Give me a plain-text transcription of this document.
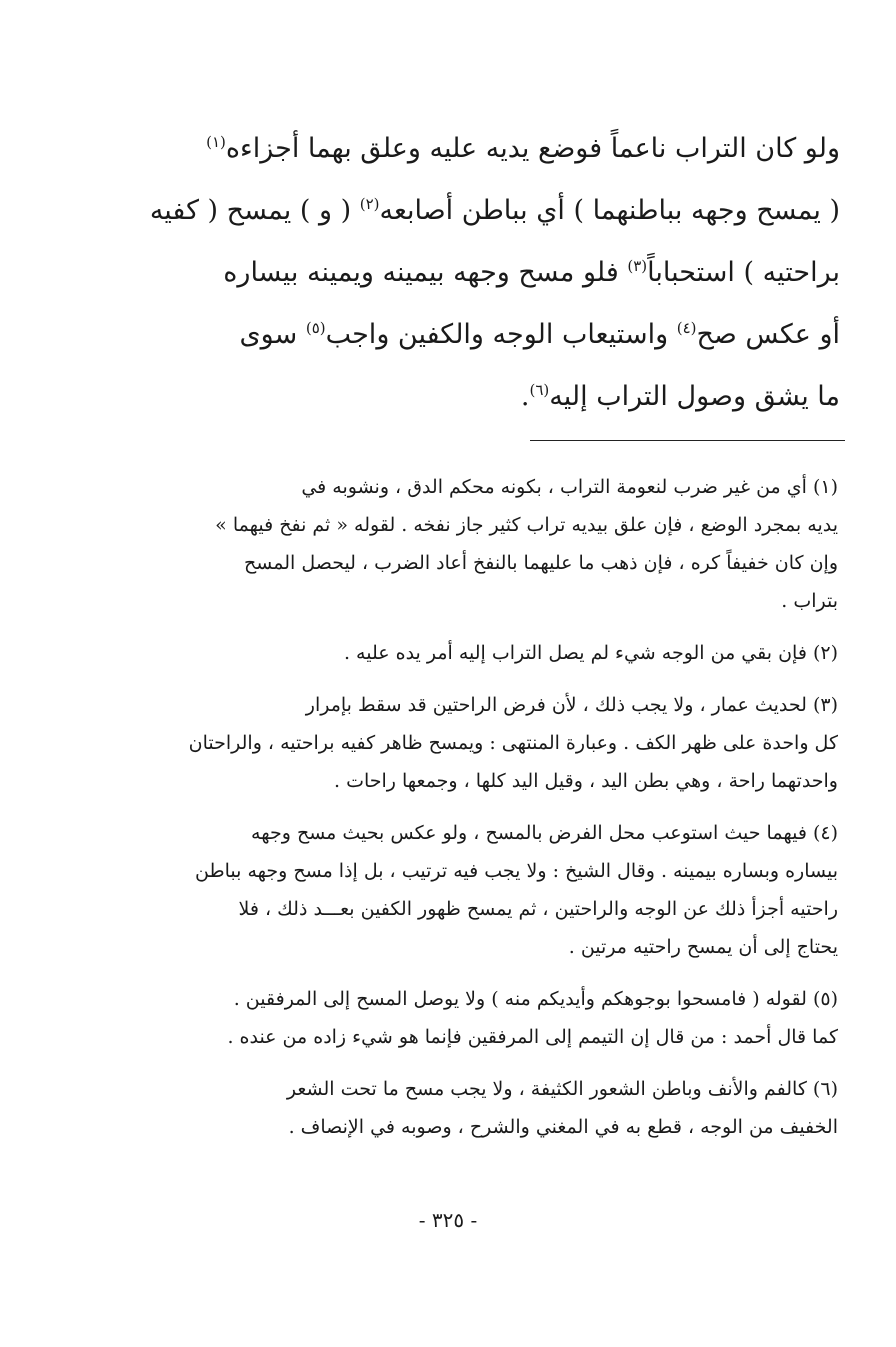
ولو كان التراب ناعماً فوضع يديه عليه وعلق بهما أجزاءه$^{(١)}$
( يمسح وجهه بباطنهما ) أي بباطن أصابعه$^{(٢)}$ ( و ) يمسح ( كفيه
براحتيه ) استحباباً$^{(٣)}$ فلو مسح وجهه بيمينه ويمينه بيساره
أو عكس صح$^{(٤)}$ واستيعاب الوجه والكفين واجب$^{(٥)}$ سوى
ما يشق وصول التراب إليه$^{(٦)}$.
(١) أي من غير ضرب لنعومة التراب ، بكونه محكم الدق ، ونشوبه في
يديه بمجرد الوضع ، فإن علق بيديه تراب كثير جاز نفخه . لقوله « ثم نفخ فيهما »
وإن كان خفيفاً كره ، فإن ذهب ما عليهما بالنفخ أعاد الضرب ، ليحصل المسح
بتراب .
(٢) فإن بقي من الوجه شيء لم يصل التراب إليه أمر يده عليه .
(٣) لحديث عمار ، ولا يجب ذلك ، لأن فرض الراحتين قد سقط بإمرار
كل واحدة على ظهر الكف . وعبارة المنتهى : ويمسح ظاهر كفيه براحتيه ، والراحتان
واحدتهما راحة ، وهي بطن اليد ، وقيل اليد كلها ، وجمعها راحات .
(٤) فيهما حيث استوعب محل الفرض بالمسح ، ولو عكس بحيث مسح وجهه
بيساره وبساره بيمينه . وقال الشيخ : ولا يجب فيه ترتيب ، بل إذا مسح وجهه بباطن
راحتيه أجزأ ذلك عن الوجه والراحتين ، ثم يمسح ظهور الكفين بعـــد ذلك ، فلا
يحتاج إلى أن يمسح راحتيه مرتين .
(٥) لقوله ( فامسحوا بوجوهكم وأيديكم منه ) ولا يوصل المسح إلى المرفقين .
كما قال أحمد : من قال إن التيمم إلى المرفقين فإنما هو شيء زاده من عنده .
(٦) كالفم والأنف وباطن الشعور الكثيفة ، ولا يجب مسح ما تحت الشعر
الخفيف من الوجه ، قطع به في المغني والشرح ، وصوبه في الإنصاف .
- ٣٢٥ -
